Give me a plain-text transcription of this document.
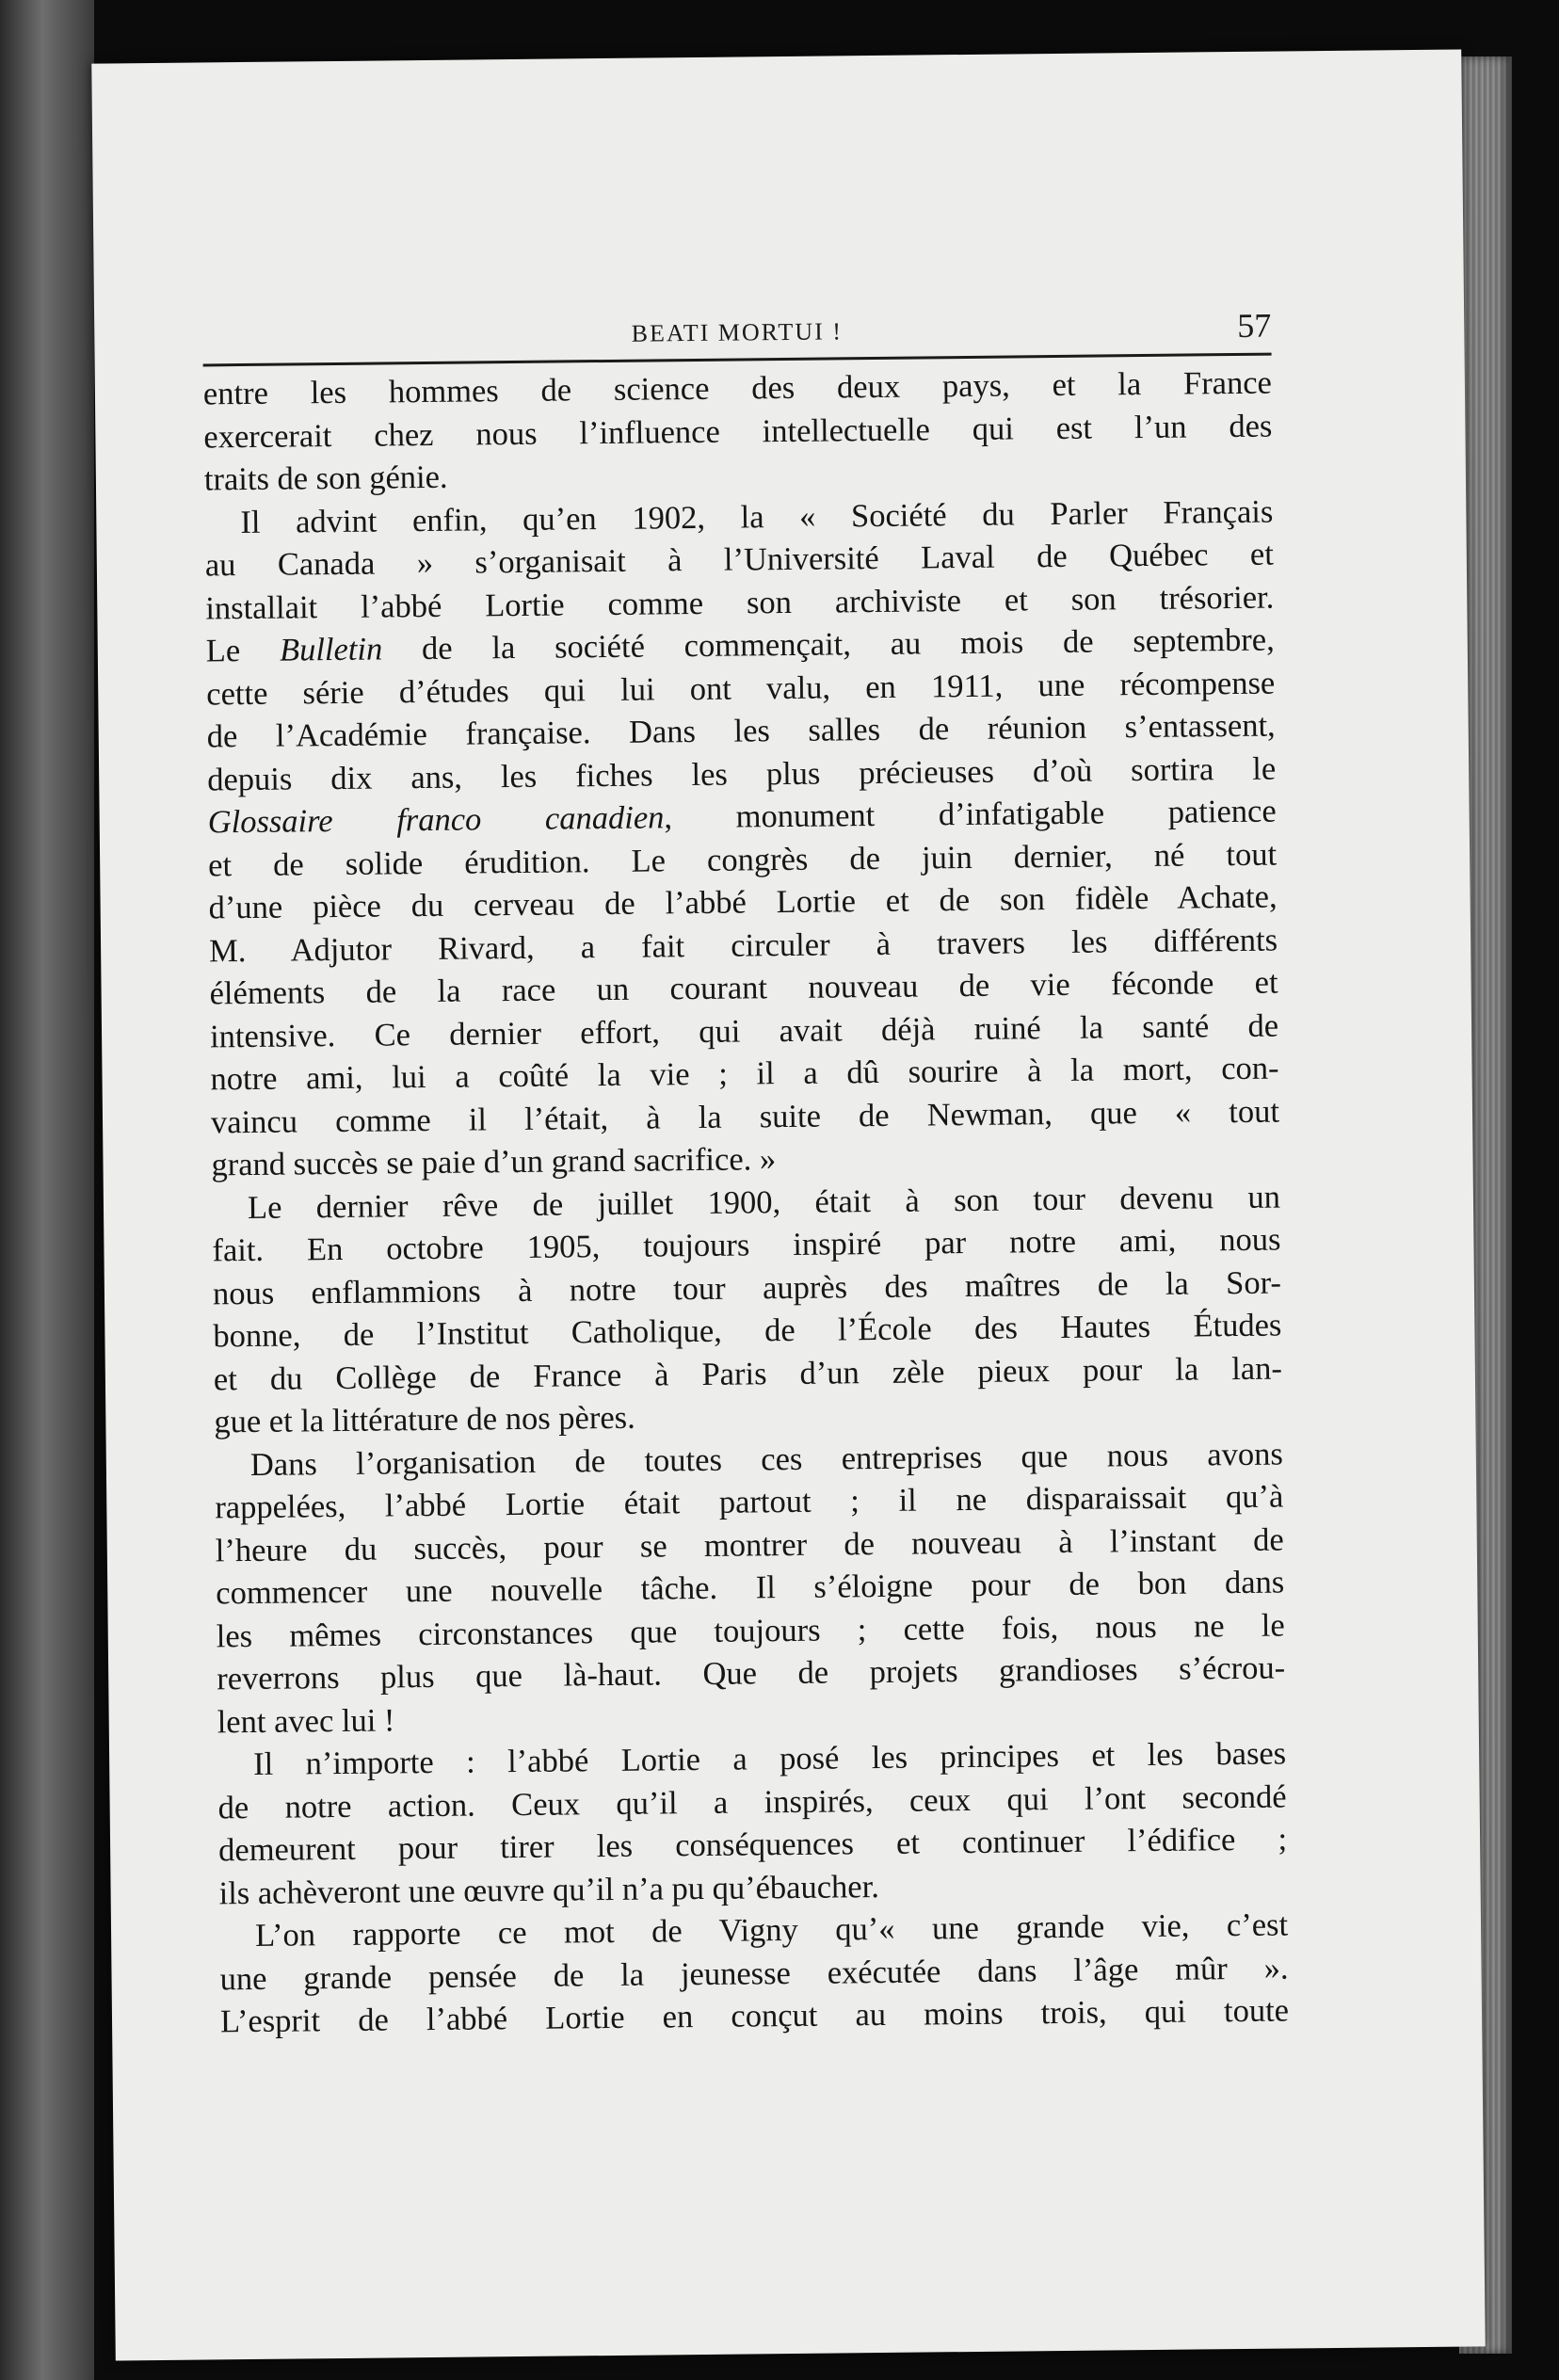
BEATI MORTUI !	57
entre les hommes de science des deux pays, et la France
exercerait chez nous l’influence intellectuelle qui est l’un des
traits de son génie.
Il advint enfin, qu’en 1902, la « Société du Parler Français
au Canada » s’organisait à l’Université Laval de Québec et
installait l’abbé Lortie comme son archiviste et son trésorier.
Le Bulletin de la société commençait, au mois de septembre,
cette série d’études qui lui ont valu, en 1911, une récompense
de l’Académie française. Dans les salles de réunion s’entassent,
depuis dix ans, les fiches les plus précieuses d’où sortira le
Glossaire franco canadien, monument d’infatigable patience
et de solide érudition. Le congrès de juin dernier, né tout
d’une pièce du cerveau de l’abbé Lortie et de son fidèle Achate,
M. Adjutor Rivard, a fait circuler à travers les différents
éléments de la race un courant nouveau de vie féconde et
intensive. Ce dernier effort, qui avait déjà ruiné la santé de
notre ami, lui a coûté la vie ; il a dû sourire à la mort, con-
vaincu comme il l’était, à la suite de Newman, que « tout
grand succès se paie d’un grand sacrifice. »
Le dernier rêve de juillet 1900, était à son tour devenu un
fait. En octobre 1905, toujours inspiré par notre ami, nous
nous enflammions à notre tour auprès des maîtres de la Sor-
bonne, de l’Institut Catholique, de l’École des Hautes Études
et du Collège de France à Paris d’un zèle pieux pour la lan-
gue et la littérature de nos pères.
Dans l’organisation de toutes ces entreprises que nous avons
rappelées, l’abbé Lortie était partout ; il ne disparaissait qu’à
l’heure du succès, pour se montrer de nouveau à l’instant de
commencer une nouvelle tâche. Il s’éloigne pour de bon dans
les mêmes circonstances que toujours ; cette fois, nous ne le
reverrons plus que là-haut. Que de projets grandioses s’écrou-
lent avec lui !
Il n’importe : l’abbé Lortie a posé les principes et les bases
de notre action. Ceux qu’il a inspirés, ceux qui l’ont secondé
demeurent pour tirer les conséquences et continuer l’édifice ;
ils achèveront une œuvre qu’il n’a pu qu’ébaucher.
L’on rapporte ce mot de Vigny qu’« une grande vie, c’est
une grande pensée de la jeunesse exécutée dans l’âge mûr ».
L’esprit de l’abbé Lortie en conçut au moins trois, qui toute
